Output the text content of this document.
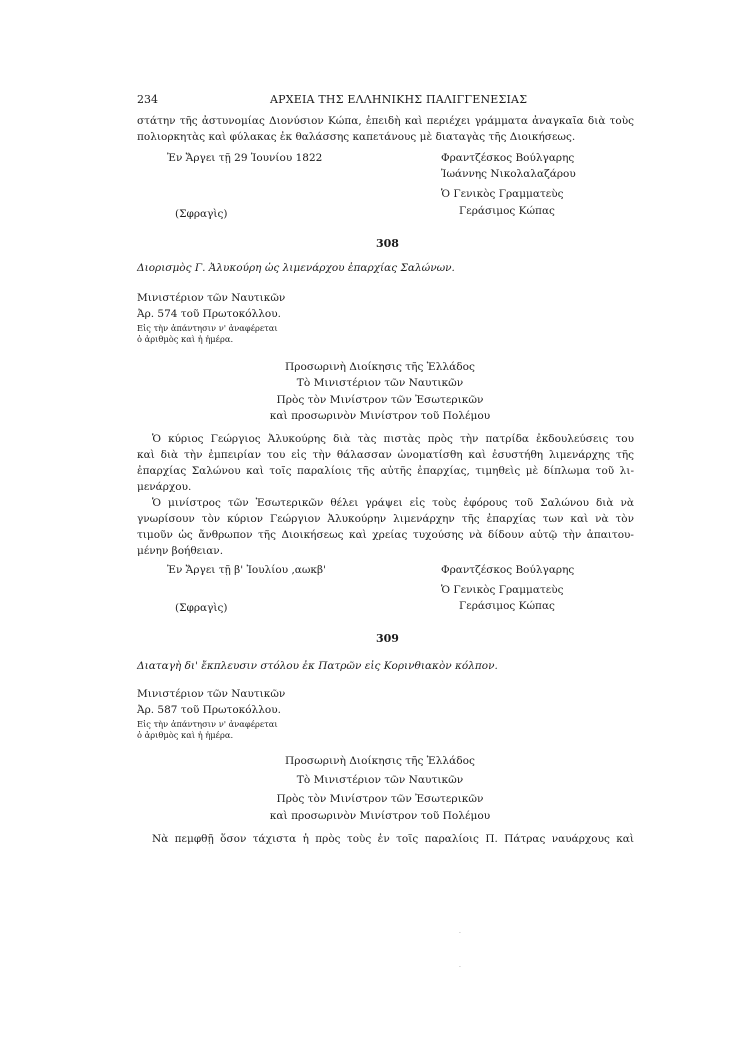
234	ΑΡΧΕΙΑ ΤΗΣ ΕΛΛΗΝΙΚΗΣ ΠΑΛΙΓΓΕΝΕΣΙΑΣ
στάτην τῆς ἀστυνομίας Διονύσιον Κώπα, ἐπειδὴ καὶ περιέχει γράμματα ἀναγκαῖα διὰ τοὺς
πολιορκητὰς καὶ φύλακας ἐκ θαλάσσης καπετάνους μὲ διαταγὰς τῆς Διοικήσεως.
Ἐν Ἄργει τῇ 29 Ἰουνίου 1822	Φραντζέσκος Βούλγαρης
Ἰωάννης Νικολαλαζάρου
Ὁ Γενικὸς Γραμματεὺς
Γεράσιμος Κώπας
(Σφραγὶς)
308
Διορισμὸς Γ. Ἀλυκούρη ὡς λιμενάρχου ἐπαρχίας Σαλώνων.
Μινιστέριον τῶν Ναυτικῶν
Ἀρ. 574 τοῦ Πρωτοκόλλου.
Εἰς τὴν ἀπάντησιν ν' ἀναφέρεται
ὁ ἀριθμὸς καὶ ἡ ἡμέρα.
Προσωρινὴ Διοίκησις τῆς Ἑλλάδος
Τὸ Μινιστέριον τῶν Ναυτικῶν
Πρὸς τὸν Μινίστρον τῶν Ἐσωτερικῶν
καὶ προσωρινὸν Μινίστρον τοῦ Πολέμου
Ὁ κύριος Γεώργιος Ἀλυκούρης διὰ τὰς πιστὰς πρὸς τὴν πατρίδα ἐκδουλεύσεις του
καὶ διὰ τὴν ἐμπειρίαν του εἰς τὴν θάλασσαν ὠνοματίσθη καὶ ἐσυστήθη λιμενάρχης τῆς
ἐπαρχίας Σαλώνου καὶ τοῖς παραλίοις τῆς αὐτῆς ἐπαρχίας, τιμηθεὶς μὲ δίπλωμα τοῦ λι-
μενάρχου.
Ὁ μινίστρος τῶν Ἐσωτερικῶν θέλει γράψει εἰς τοὺς ἐφόρους τοῦ Σαλώνου διὰ νὰ
γνωρίσουν τὸν κύριον Γεώργιον Ἀλυκούρην λιμενάρχην τῆς ἐπαρχίας των καὶ νὰ τὸν
τιμοῦν ὡς ἄνθρωπον τῆς Διοικήσεως καὶ χρείας τυχούσης νὰ δίδουν αὐτῷ τὴν ἀπαιτου-
μένην βοήθειαν.
Ἐν Ἄργει τῇ β' Ἰουλίου ,αωκβ'	Φραντζέσκος Βούλγαρης
Ὁ Γενικὸς Γραμματεὺς
Γεράσιμος Κώπας
(Σφραγὶς)
309
Διαταγὴ δι' ἔκπλευσιν στόλου ἐκ Πατρῶν εἰς Κορινθιακὸν κόλπον.
Μινιστέριον τῶν Ναυτικῶν
Ἀρ. 587 τοῦ Πρωτοκόλλου.
Εἰς τὴν ἀπάντησιν ν' ἀναφέρεται
ὁ ἀριθμὸς καὶ ἡ ἡμέρα.
Προσωρινὴ Διοίκησις τῆς Ἑλλάδος
Τὸ Μινιστέριον τῶν Ναυτικῶν
Πρὸς τὸν Μινίστρον τῶν Ἐσωτερικῶν
καὶ προσωρινὸν Μινίστρον τοῦ Πολέμου
Νὰ πεμφθῇ ὅσον τάχιστα ἡ πρὸς τοὺς ἐν τοῖς παραλίοις Π. Πάτρας ναυάρχους καὶ
·
·
